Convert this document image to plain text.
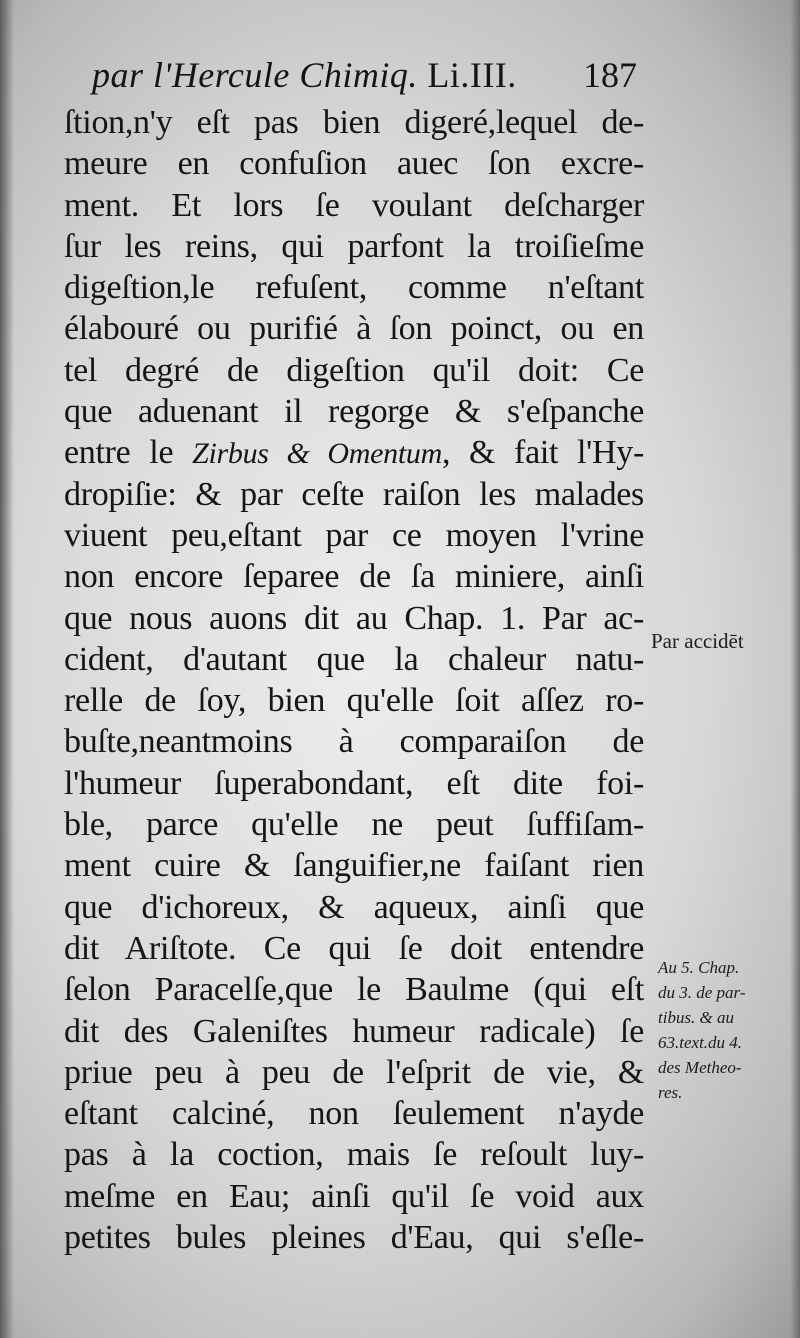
par l'Hercule Chimiq. Li.III. 187
ſtion,n'y eſt pas bien digeré,lequel de-
meure en confuſion auec ſon excre-
ment. Et lors ſe voulant deſcharger
ſur les reins, qui parfont la troiſieſme
digeſtion,le refuſent, comme n'eſtant
élabouré ou purifié à ſon poinct, ou en
tel degré de digeſtion qu'il doit: Ce
que aduenant il regorge & s'eſpanche
entre le Zirbus & Omentum, & fait l'Hy-
dropiſie: & par ceſte raiſon les malades
viuent peu,eſtant par ce moyen l'vrine
non encore ſeparee de ſa miniere, ainſi
que nous auons dit au Chap. 1. Par ac-
cident, d'autant que la chaleur natu-
relle de ſoy, bien qu'elle ſoit aſſez ro-
buſte,neantmoins à comparaiſon de
l'humeur ſuperabondant, eſt dite foi-
ble, parce qu'elle ne peut ſuffiſam-
ment cuire & ſanguifier,ne faiſant rien
que d'ichoreux, & aqueux, ainſi que
dit Ariſtote. Ce qui ſe doit entendre
ſelon Paracelſe,que le Baulme (qui eſt
dit des Galeniſtes humeur radicale) ſe
priue peu à peu de l'eſprit de vie, &
eſtant calciné, non ſeulement n'ayde
pas à la coction, mais ſe reſoult luy-
meſme en Eau; ainſi qu'il ſe void aux
petites bules pleines d'Eau, qui s'eſle-
Par accidēt
Au 5. Chap.
du 3. de par-
tibus. & au
63.text.du 4.
des Metheo-
res.
